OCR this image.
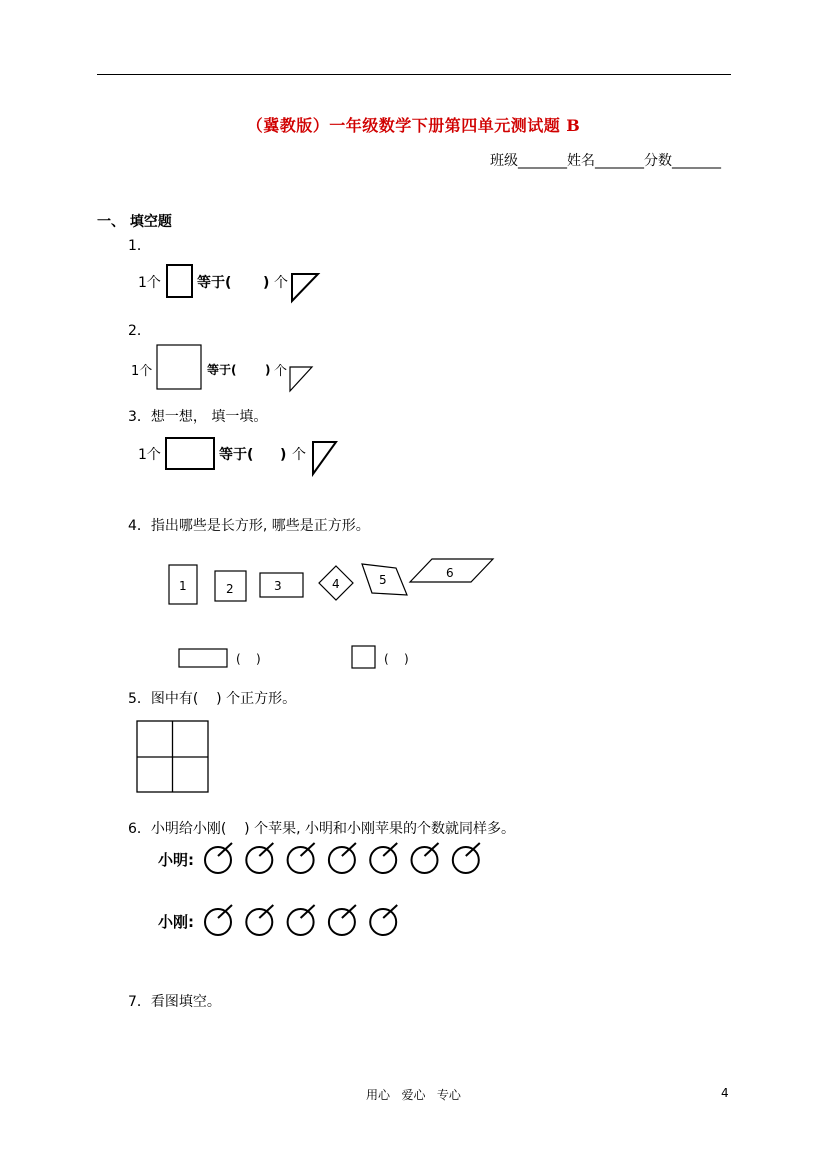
（冀教版）一年级数学下册第四单元测试题 B
班级_______姓名_______分数_______
一、 填空题
1．
1个	等于( ) 个
2．
1个	等于( ) 个
3．想一想， 填一填。
1个	等于( ) 个
4．指出哪些是长方形, 哪些是正方形。
1	2	3	4	5	6
(    )	(    )
5．图中有(    ) 个正方形。
6．小明给小刚(    ) 个苹果, 小明和小刚苹果的个数就同样多。
小明:
小刚:
7．看图填空。
用心   爱心   专心	4
